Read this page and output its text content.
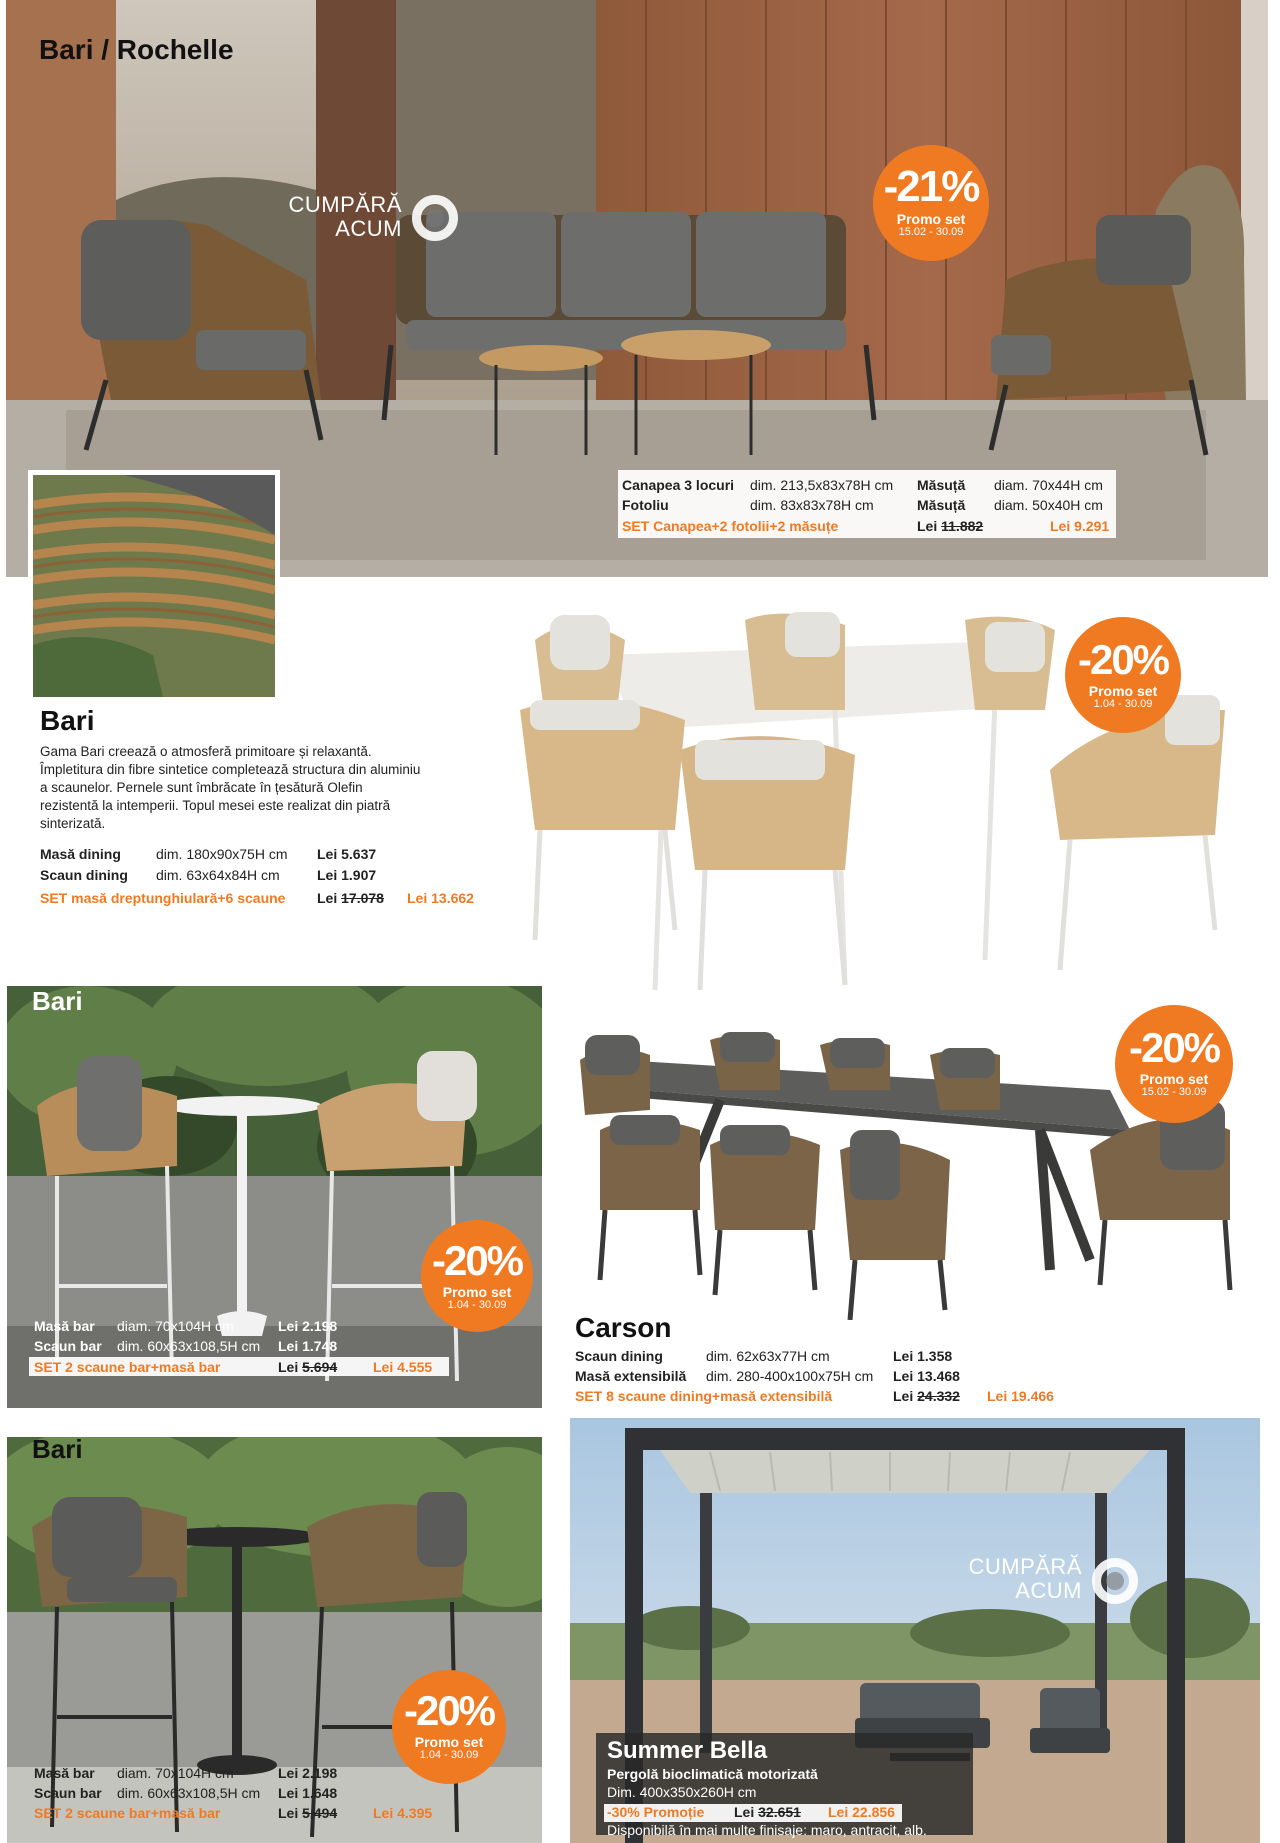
Bari / Rochelle
CUMPĂRĂ
ACUM
-21%
Promo set
15.02 - 30.09
Canapea 3 locuri dim. 213,5x83x78H cm Măsuță diam. 70x44H cm
Fotoliu	dim. 83x83x78H cm	Măsuță diam. 50x40H cm
SET Canapea+2 fotolii+2 măsuțe	Lei 11.882	Lei 9.291
Bari
Gama Bari creează o atmosferă primitoare și relaxantă. Împletitura din fibre sintetice completează structura din aluminiu a scaunelor. Pernele sunt îmbrăcate în țesătură Olefin rezistentă la intemperii. Topul mesei este realizat din piatră sinterizată.
Masă dining	dim. 180x90x75H cm Lei 5.637
Scaun dining dim. 63x64x84H cm	Lei 1.907
SET masă dreptunghiulară+6 scaune Lei 17.078 Lei 13.662
-20%
Promo set
1.04 - 30.09
Bari
-20%
Promo set
1.04 - 30.09
Masă bar diam. 70x104H cm	Lei 2.198
Scaun bar dim. 60x63x108,5H cm Lei 1.748
SET 2 scaune bar+masă bar	Lei 5.694	Lei 4.555
-20%
Promo set
15.02 - 30.09
Carson
Scaun dining	dim. 62x63x77H cm	Lei 1.358
Masă extensibilă dim. 280-400x100x75H cm Lei 13.468
SET 8 scaune dining+masă extensibilă	Lei 24.332 Lei 19.466
Bari
-20%
Promo set
1.04 - 30.09
Masă bar diam. 70x104H cm	Lei 2.198
Scaun bar dim. 60x63x108,5H cm Lei 1.648
SET 2 scaune bar+masă bar	Lei 5.494	Lei 4.395
CUMPĂRĂ
ACUM
Summer Bella
Pergolă bioclimatică motorizată
Dim. 400x350x260H cm
-30% Promoție Lei 32.651 Lei 22.856
Disponibilă în mai multe finisaje: maro, antracit, alb.
